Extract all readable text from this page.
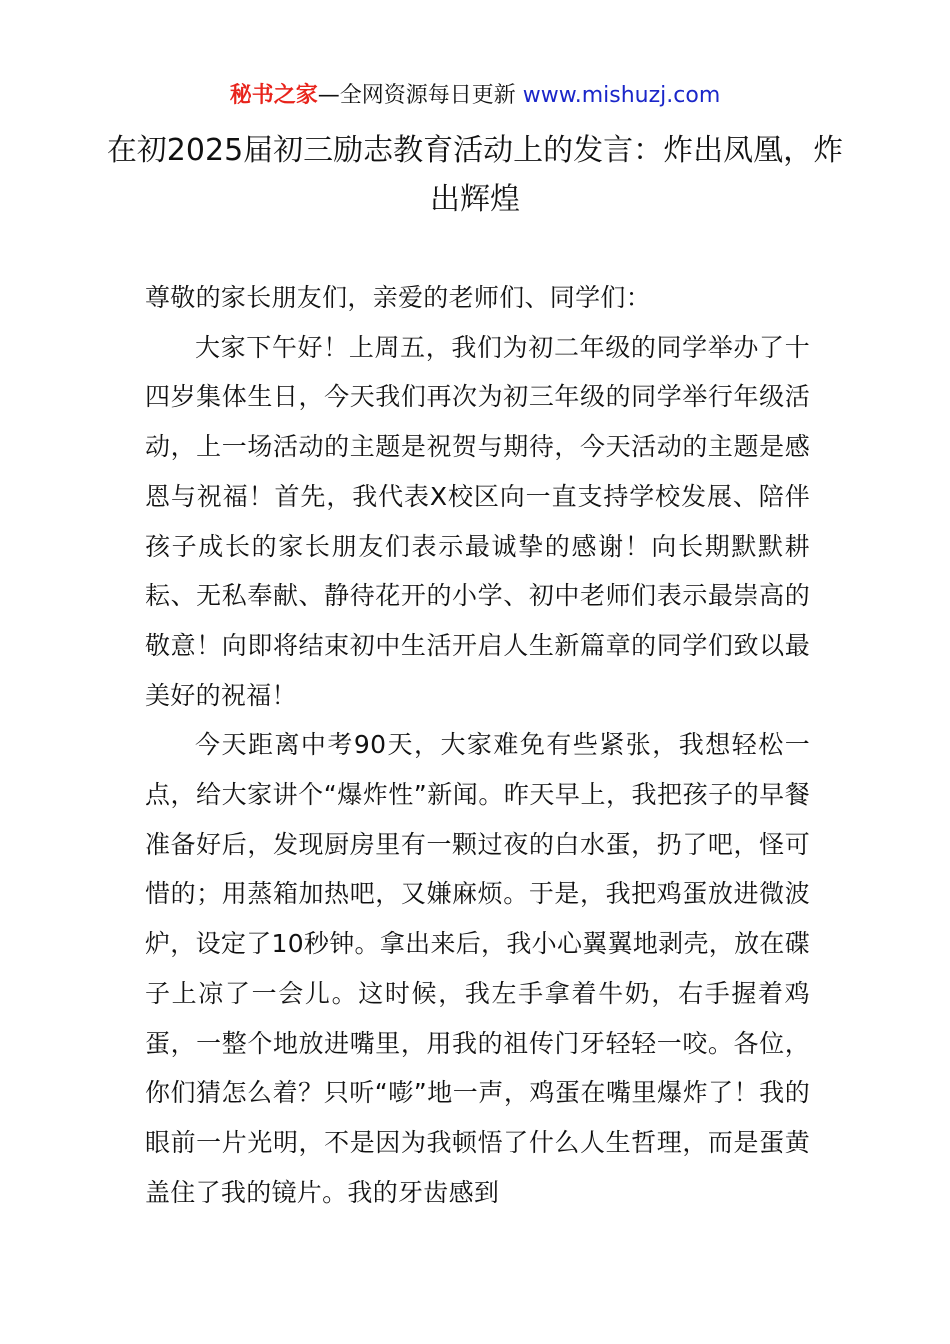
秘书之家—全网资源每日更新 www.mishuzj.com
在初2025届初三励志教育活动上的发言：炸出凤凰，炸出辉煌

尊敬的家长朋友们，亲爱的老师们、同学们：

大家下午好！上周五，我们为初二年级的同学举办了十四岁集体生日，今天我们再次为初三年级的同学举行年级活动，上一场活动的主题是祝贺与期待，今天活动的主题是感恩与祝福！首先，我代表X校区向一直支持学校发展、陪伴孩子成长的家长朋友们表示最诚挚的感谢！向长期默默耕耘、无私奉献、静待花开的小学、初中老师们表示最崇高的敬意！向即将结束初中生活开启人生新篇章的同学们致以最美好的祝福！

今天距离中考90天，大家难免有些紧张，我想轻松一点，给大家讲个“爆炸性”新闻。昨天早上，我把孩子的早餐准备好后，发现厨房里有一颗过夜的白水蛋，扔了吧，怪可惜的；用蒸箱加热吧，又嫌麻烦。于是，我把鸡蛋放进微波炉，设定了10秒钟。拿出来后，我小心翼翼地剥壳，放在碟子上凉了一会儿。这时候，我左手拿着牛奶，右手握着鸡蛋，一整个地放进嘴里，用我的祖传门牙轻轻一咬。各位，你们猜怎么着？只听“嘭”地一声，鸡蛋在嘴里爆炸了！我的眼前一片光明，不是因为我顿悟了什么人生哲理，而是蛋黄盖住了我的镜片。我的牙齿感到
